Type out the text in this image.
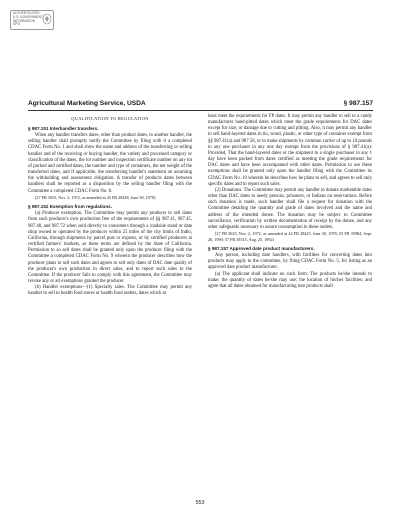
AUTHENTICATED
U.S. GOVERNMENT
INFORMATION
GPO
Agricultural Marketing Service, USDA	§ 987.157

QUALIFICATION TO REGULATION

§ 987.151 Interhandler transfers.

When any handler transfers dates, other than product dates, to another handler, the selling handler shall promptly notify the Committee by filing with it a completed CDAC Form No. 1 and shall show the name and address of the transferring or selling handler and of the receiving or buying handler, the variety and processed category or classification of the dates, the lot number and inspection certificate number on any lot of packed and certified dates, the number and type of containers, the net weight of the transferred dates, and if applicable, the transferring handler's statement on assuming the withholding and assessment obligation. A transfer of products dates between handlers shall be reported as a disposition by the selling handler filing with the Committee a completed CDAC Form No. 8.

[27 FR 3025, Nov. 2, 1972, as amended at 43 FR 28428, June 30, 1978]

§ 987.152 Exemption from regulations.

(a) Producer exemption. The Committee may permit any producer to sell dates from such producer's own production free of the requirements of §§ 987.41, 987.45, 987.48, and 987.72 when sold directly to consumers through a roadside stand or date shop owned or operated by the producer within 25 miles of the city limits of Indio, California, through shipments by parcel post or express, or by certified producers at certified farmers' markets, as these terms are defined by the State of California. Permission to so sell dates shall be granted only upon the producer filing with the Committee a completed CDAC Form No. 9 wherein the producer describes how the producer plans to sell such dates and agrees to sell only dates of DAC date quality of the producer's own production in direct sales, and to report such sales to the Committee. If the producer fails to comply with this agreement, the Committee may revoke any or all exemptions granted the producer.

(b) Handler exemptions—(1) Specialty sales. The Committee may permit any handler to sell to health food stores or health food outlets, dates which at

least meet the requirements for FP dates. It may permit any handler to sell to a candy manufacturer hand-pitted dates which meet the grade requirements for DAC dates except for size, or damage due to cutting and pitting. Also, it may permit any handler to sell hand-layered dates in tin, wood, plastic, or other type of container exempt from §§ 987.41(a) and 987.58, or to make shipments by common carrier of up to 10 pounds to any one purchaser in any one day exempt from the provisions of § 987.41(a): Provided, That the hand-layered dates or the shipment to a single purchaser in any 1 day have been packed from dates certified as meeting the grade requirements for DAC dates and have been accompanied with other dates. Permission to use these exemptions shall be granted only upon the handler filing with the Committee its CDAC Form No. 10 wherein he describes how he plans to sell, and agrees to sell only specific dates and to report such sales.

(2) Donations. The Committee may permit any handler to donate marketable dates other than DAC dates to needy persons, prisoners, or Indians on reservations. Before such donation is made, such handler shall file a request for donation with the Committee detailing the quantity and grade of dates involved and the name and address of the intended donee. The donation may be subject to Committee surveillance, verification by written documentation of receipt by the donee, and any other safeguards necessary to assure consumption in these outlets.

[27 FR 3025, Nov. 2, 1972, as amended at 42 FR 28425, June 30, 1978; 55 FR 35984, Sept. 26, 1990; 57 FR 38315, Aug. 25, 1992]

§ 987.157 Approved date product manufacturers.

Any person, including date handlers, with facilities for converting dates into products may apply to the committee, by filing CDAC Form No. 5, for listing as an approved date product manufacturer.

(a) The applicant shall indicate on such form: The products he/she intends to make; the quantity of dates he/she may use; the location of his/her facilities; and agree that all dates obtained for manufacturing into products shall

553
